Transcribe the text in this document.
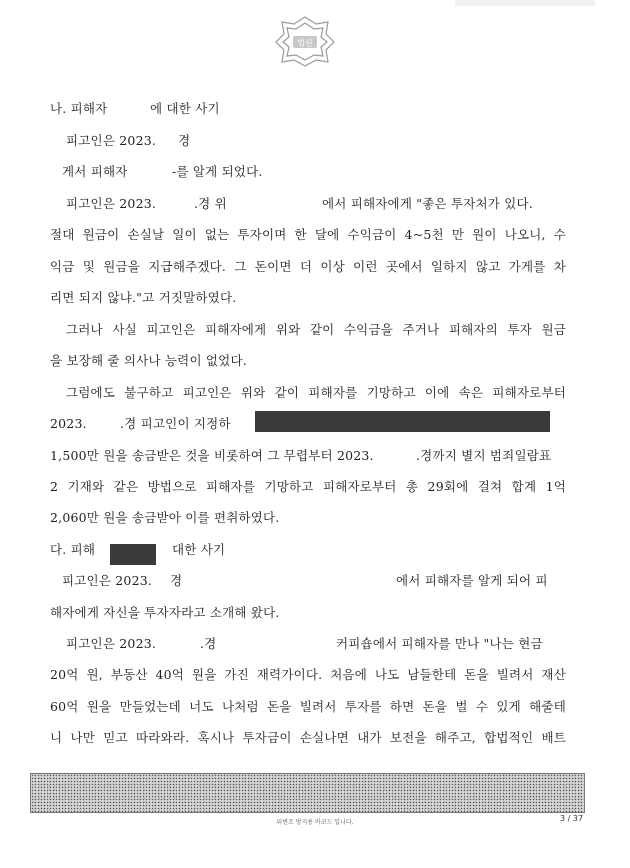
법원
나. 피해자	에 대한 사기
피고인은 2023. 경
게서 피해자	-를 알게 되었다.
피고인은 2023.	.경 위	에서 피해자에게 "좋은 투자처가 있다.
절대 원금이 손실날 일이 없는 투자이며 한 달에 수익금이 4~5천 만 원이 나오니, 수
익금 및 원금을 지급해주겠다. 그 돈이면 더 이상 이런 곳에서 일하지 않고 가게를 차
리면 되지 않냐."고 거짓말하였다.
그러나 사실 피고인은 피해자에게 위와 같이 수익금을 주거나 피해자의 투자 원금
을 보장해 줄 의사나 능력이 없었다.
그럼에도 불구하고 피고인은 위와 같이 피해자를 기망하고 이에 속은 피해자로부터
2023.	.경 피고인이 지정하
1,500만 원을 송금받은 것을 비롯하여 그 무렵부터 2023.	.경까지 별지 범죄일람표
2 기재와 같은 방법으로 피해자를 기망하고 피해자로부터 총 29회에 걸쳐 합계 1억
2,060만 원을 송금받아 이를 편취하였다.
다. 피해	대한 사기
피고인은 2023. 경	에서 피해자를 알게 되어 피
해자에게 자신을 투자자라고 소개해 왔다.
피고인은 2023.	.경	커피숍에서 피해자를 만나 "나는 현금
20억 원, 부동산 40억 원을 가진 재력가이다. 처음에 나도 남들한테 돈을 빌려서 재산
60억 원을 만들었는데 너도 나처럼 돈을 빌려서 투자를 하면 돈을 벌 수 있게 해줄테
니 나만 믿고 따라와라. 혹시나 투자금이 손실나면 내가 보전을 해주고, 합법적인 배트
위변조 방지용 바코드 입니다.	3 / 37
